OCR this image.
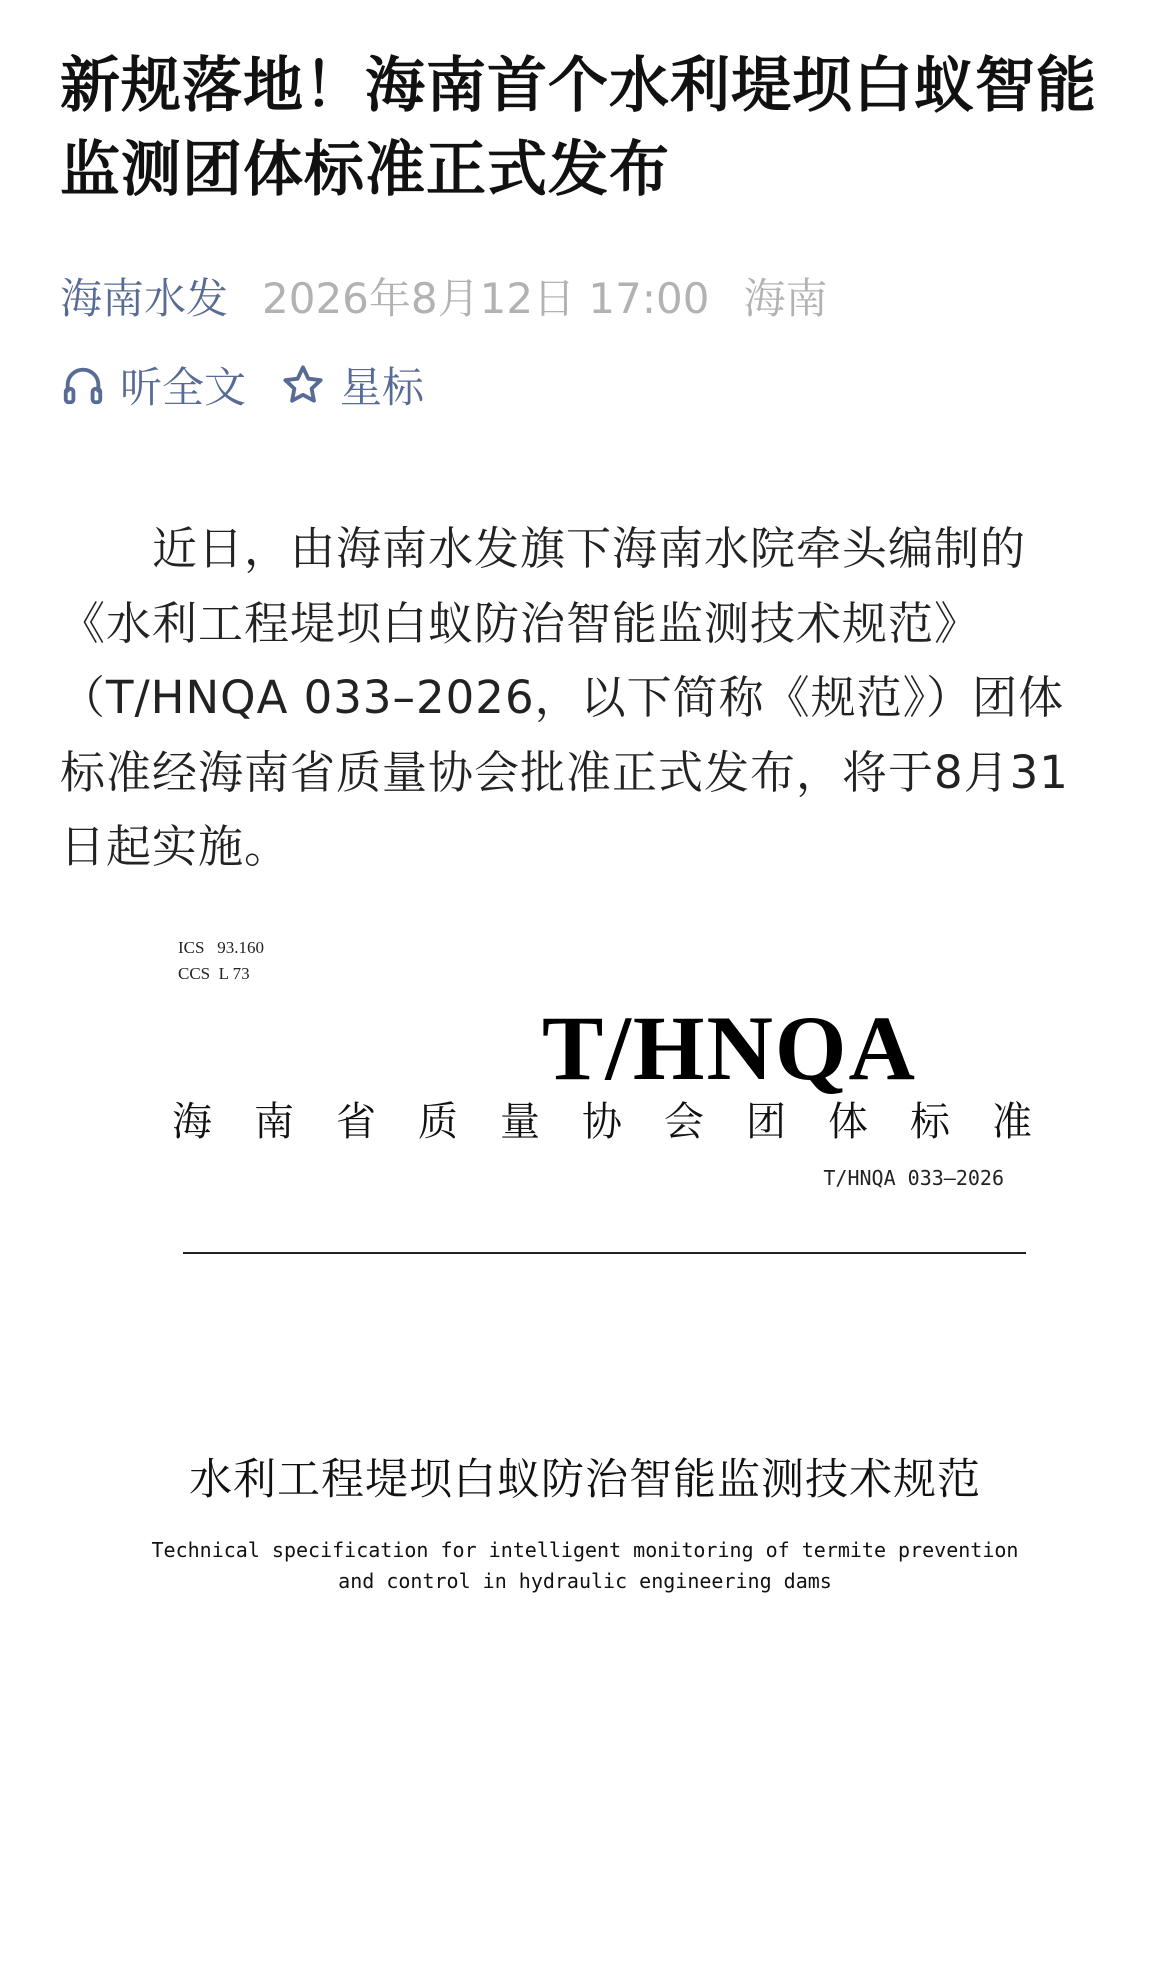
新规落地！海南首个水利堤坝白蚁智能监测团体标准正式发布
海南水发 2026年8月12日 17:00 海南
听全文 星标

近日，由海南水发旗下海南水院牵头编制的《水利工程堤坝白蚁防治智能监测技术规范》（T/HNQA 033–2026，以下简称《规范》）团体标准经海南省质量协会批准正式发布，将于8月31日起实施。

ICS   93.160
CCS  L 73
T/HNQA
海 南 省 质 量 协 会 团 体 标 准
T/HNQA 033—2026
水利工程堤坝白蚁防治智能监测技术规范
Technical specification for intelligent monitoring of termite prevention
and control in hydraulic engineering dams
